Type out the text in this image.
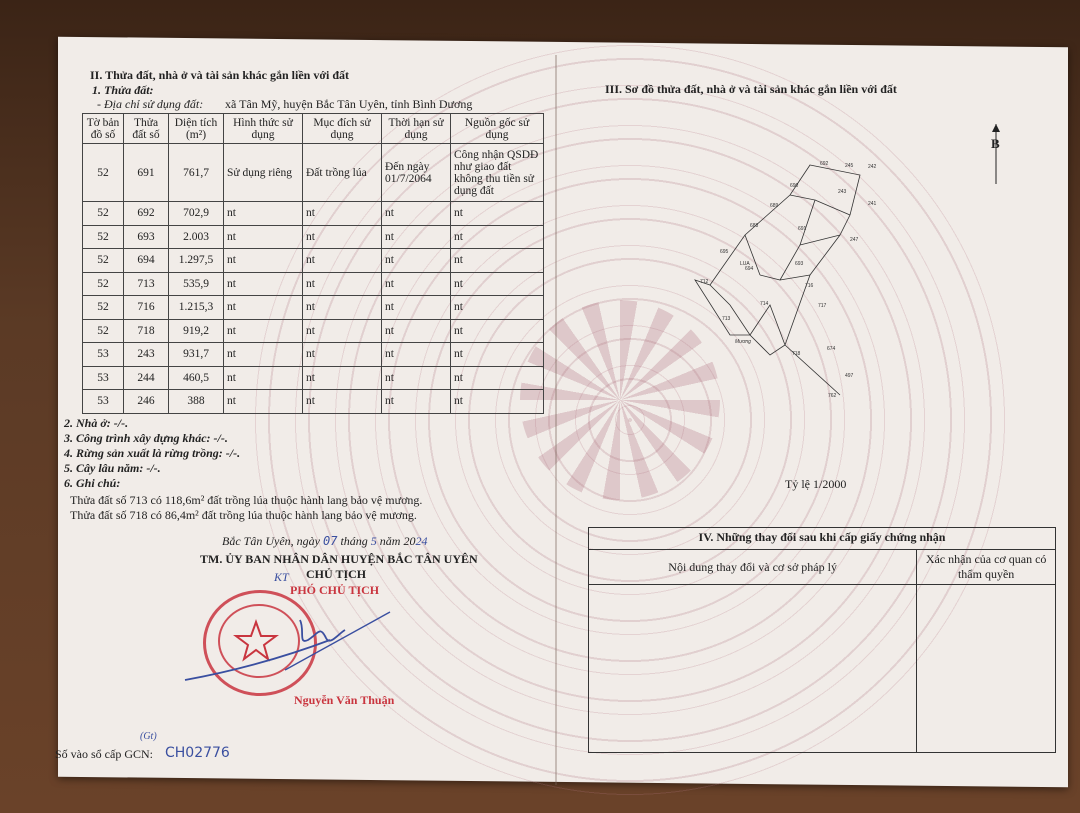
II. Thửa đất, nhà ở và tài sản khác gắn liền với đất
1. Thửa đất:
- Địa chỉ sử dụng đất: xã Tân Mỹ, huyện Bắc Tân Uyên, tỉnh Bình Dương
Tờ bản đồ số	Thửa đất số	Diện tích (m²)	Hình thức sử dụng	Mục đích sử dụng	Thời hạn sử dụng	Nguồn gốc sử dụng
52	691	761,7	Sử dụng riêng	Đất trồng lúa	Đến ngày 01/7/2064	Công nhận QSDĐ như giao đất không thu tiền sử dụng đất
52	692	702,9	nt	nt	nt	nt
52	693	2.003	nt	nt	nt	nt
52	694	1.297,5	nt	nt	nt	nt
52	713	535,9	nt	nt	nt	nt
52	716	1.215,3	nt	nt	nt	nt
52	718	919,2	nt	nt	nt	nt
53	243	931,7	nt	nt	nt	nt
53	244	460,5	nt	nt	nt	nt
53	246	388	nt	nt	nt	nt
2. Nhà ở: -/-.
3. Công trình xây dựng khác: -/-.
4. Rừng sản xuất là rừng trồng: -/-.
5. Cây lâu năm: -/-.
6. Ghi chú:
Thửa đất số 713 có 118,6m² đất trồng lúa thuộc hành lang bảo vệ mương.
Thửa đất số 718 có 86,4m² đất trồng lúa thuộc hành lang bảo vệ mương.
Bắc Tân Uyên, ngày 07 tháng 5 năm 2024
TM. ỦY BAN NHÂN DÂN HUYỆN BẮC TÂN UYÊN
KT CHỦ TỊCH
PHÓ CHỦ TỊCH
Nguyễn Văn Thuận
(Gt)
Số vào sổ cấp GCN: CH02776
III. Sơ đồ thửa đất, nhà ở và tài sản khác gắn liền với đất
B
692	245	242
690
243
241
689
688	691
693
247
695
694
712
716
714	717
713
718
674
497
762
LUA
Mương
Tỷ lệ 1/2000
IV. Những thay đổi sau khi cấp giấy chứng nhận	
Nội dung thay đổi và cơ sở pháp lý	Xác nhận của cơ quan có thẩm quyền
